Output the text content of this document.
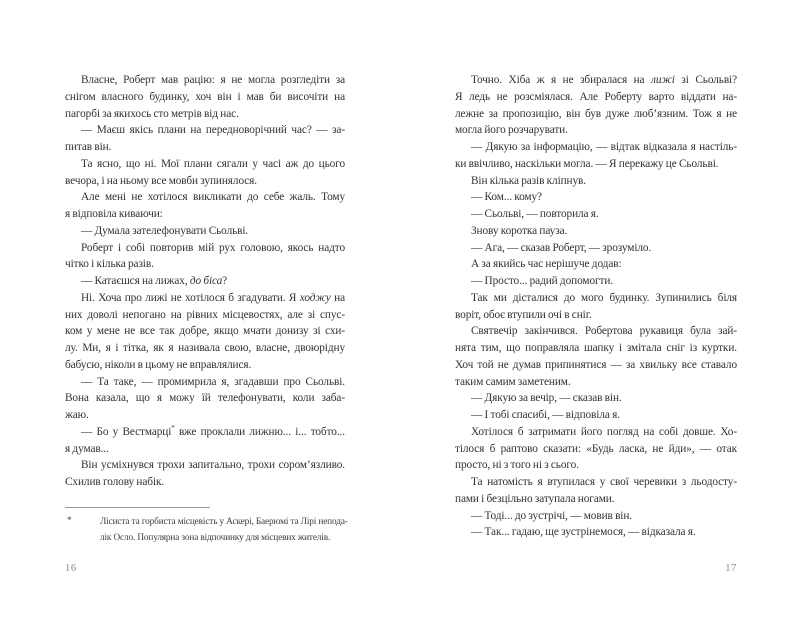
Власне, Роберт мав рацію: я не могла розгледіти за
снігом власного будинку, хоч він і мав би височіти на
пагорбі за якихось сто метрів від нас.
— Маєш якісь плани на передноворічний час? — за-
питав він.
Та ясно, що ні. Мої плани сягали у часі аж до цього
вечора, і на ньому все мовби зупинялося.
Але мені не хотілося викликати до себе жаль. Тому
я відповіла киваючи:
— Думала зателефонувати Сьольві.
Роберт і собі повторив мій рух головою, якось надто
чітко і кілька разів.
— Катаєшся на лижах, до біса?
Ні. Хоча про лижі не хотілося б згадувати. Я ходжу на
них доволі непогано на рівних місцевостях, але зі спус-
ком у мене не все так добре, якщо мчати донизу зі схи-
лу. Ми, я і тітка, як я називала свою, власне, двоюрідну
бабусю, ніколи в цьому не вправлялися.
— Та таке, — промимрила я, згадавши про Сьольві.
Вона казала, що я можу їй телефонувати, коли заба-
жаю.
— Бо у Вестмарці* вже проклали лижню... і... тобто...
я думав...
Він усміхнувся трохи запитально, трохи сором’язливо.
Схилив голову набік.
Точно. Хіба ж я не збиралася на лижі зі Сьольві?
Я ледь не розсміялася. Але Роберту варто віддати на-
лежне за пропозицію, він був дуже люб’язним. Тож я не
могла його розчарувати.
— Дякую за інформацію, — відтак відказала я настіль-
ки ввічливо, наскільки могла. — Я перекажу це Сьольві.
Він кілька разів кліпнув.
— Ком... кому?
— Сьольві, — повторила я.
Знову коротка пауза.
— Ага, — сказав Роберт, — зрозуміло.
А за якийсь час нерішуче додав:
— Просто... радий допомогти.
Так ми дісталися до мого будинку. Зупинились біля
воріт, обоє втупили очі в сніг.
Святвечір закінчився. Робертова рукавиця була зай-
нята тим, що поправляла шапку і змітала сніг із куртки.
Хоч той не думав припинятися — за хвильку все ставало
таким самим заметеним.
— Дякую за вечір, — сказав він.
— І тобі спасибі, — відповіла я.
Хотілося б затримати його погляд на собі довше. Хо-
тілося б раптово сказати: «Будь ласка, не йди», — отак
просто, ні з того ні з сього.
Та натомість я втупилася у свої черевики з льодосту-
пами і безцільно затупала ногами.
— Тоді... до зустрічі, — мовив він.
— Так... гадаю, ще зустрінемося, — відказала я.
*	Лісиста та горбиста місцевість у Аскері, Баерюмі та Лірі непода-
лік Осло. Популярна зона відпочинку для місцевих жителів.
16	17
